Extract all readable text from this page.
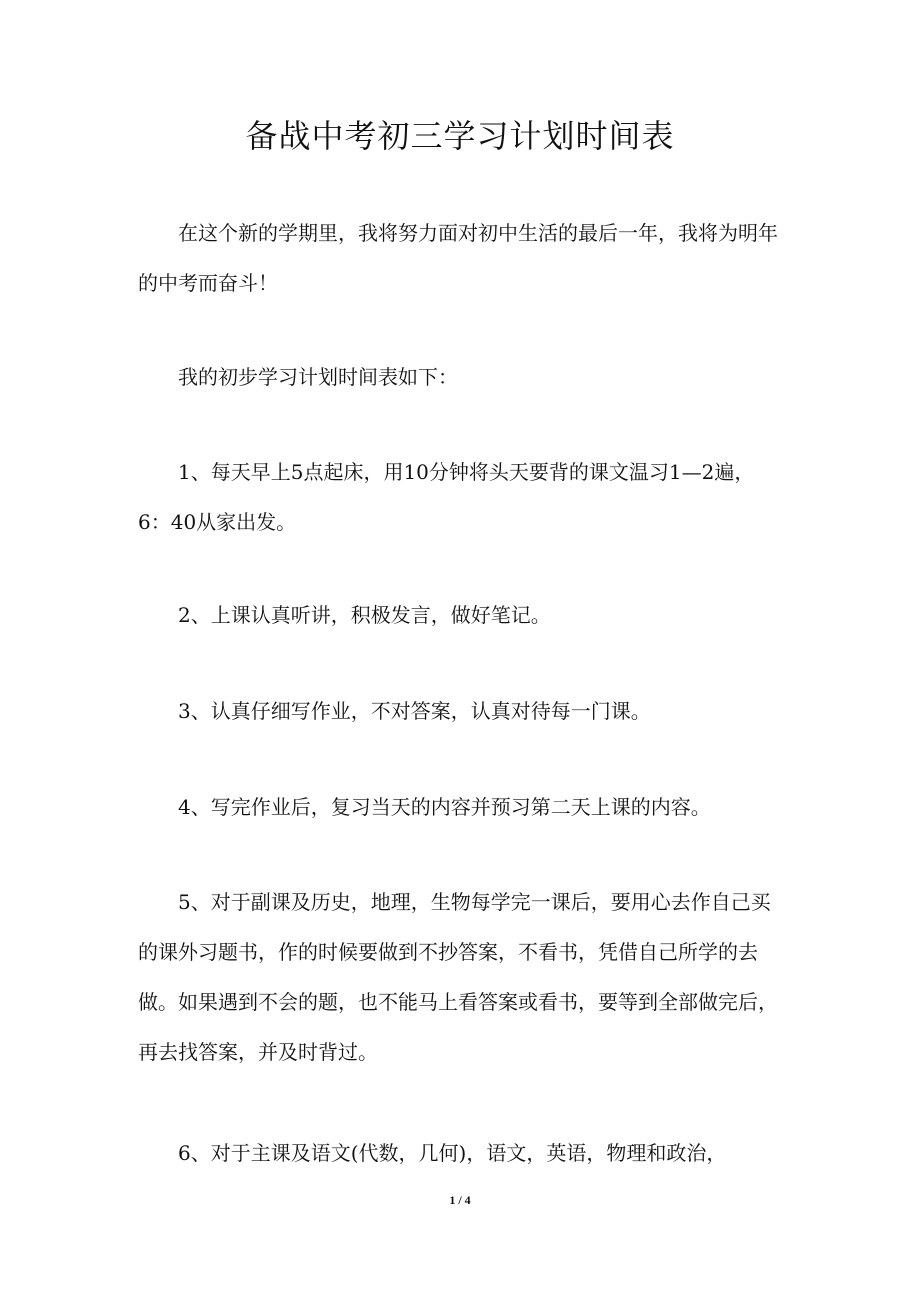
备战中考初三学习计划时间表

在这个新的学期里，我将努力面对初中生活的最后一年，我将为明年的中考而奋斗！

我的初步学习计划时间表如下：

1、每天早上5点起床，用10分钟将头天要背的课文温习1—2遍，6：40从家出发。

2、上课认真听讲，积极发言，做好笔记。

3、认真仔细写作业，不对答案，认真对待每一门课。

4、写完作业后，复习当天的内容并预习第二天上课的内容。

5、对于副课及历史，地理，生物每学完一课后，要用心去作自己买的课外习题书，作的时候要做到不抄答案，不看书，凭借自己所学的去做。如果遇到不会的题，也不能马上看答案或看书，要等到全部做完后，再去找答案，并及时背过。

6、对于主课及语文(代数，几何)，语文，英语，物理和政治，

1 / 4
